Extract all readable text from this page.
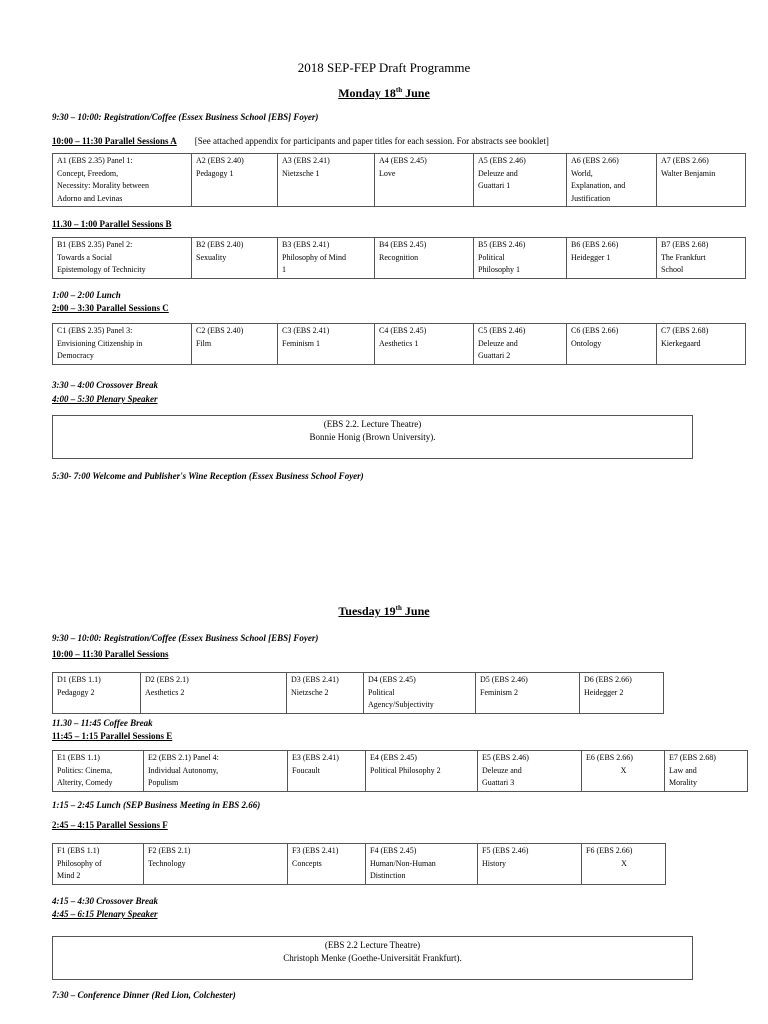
2018 SEP-FEP Draft Programme
Monday 18th June
9:30 – 10:00: Registration/Coffee (Essex Business School [EBS] Foyer)
10:00 – 11:30 Parallel Sessions A [See attached appendix for participants and paper titles for each session. For abstracts see booklet]
A1 (EBS 2.35) Panel 1:
Concept, Freedom,
Necessity: Morality between
Adorno and Levinas

A2 (EBS 2.40)
Pedagogy 1

A3 (EBS 2.41)
Nietzsche 1

A4 (EBS 2.45)
Love

A5 (EBS 2.46)
Deleuze and
Guattari 1

A6 (EBS 2.66)
World,
Explanation, and
Justification

A7 (EBS 2.66)
Walter Benjamin
11.30 – 1:00 Parallel Sessions B
B1 (EBS 2.35) Panel 2:
Towards a Social
Epistemology of Technicity

B2 (EBS 2.40)
Sexuality

B3 (EBS 2.41)
Philosophy of Mind
1

B4 (EBS 2.45)
Recognition

B5 (EBS 2.46)
Political
Philosophy 1

B6 (EBS 2.66)
Heidegger 1

B7 (EBS 2.68)
The Frankfurt
School
1:00 – 2:00 Lunch
2:00 – 3:30 Parallel Sessions C
C1 (EBS 2.35) Panel 3:
Envisioning Citizenship in
Democracy

C2 (EBS 2.40)
Film

C3 (EBS 2.41)
Feminism 1

C4 (EBS 2.45)
Aesthetics 1

C5 (EBS 2.46)
Deleuze and
Guattari 2

C6 (EBS 2.66)
Ontology

C7 (EBS 2.68)
Kierkegaard
3:30 – 4:00 Crossover Break
4:00 – 5:30 Plenary Speaker
(EBS 2.2. Lecture Theatre)
Bonnie Honig (Brown University).
5:30- 7:00 Welcome and Publisher's Wine Reception (Essex Business School Foyer)
Tuesday 19th June
9:30 – 10:00: Registration/Coffee (Essex Business School [EBS] Foyer)
10:00 – 11:30 Parallel Sessions
D1 (EBS 1.1)
Pedagogy 2

D2 (EBS 2.1)
Aesthetics 2

D3 (EBS 2.41)
Nietzsche 2

D4 (EBS 2.45)
Political
Agency/Subjectivity

D5 (EBS 2.46)
Feminism 2

D6 (EBS 2.66)
Heidegger 2
11.30 – 11:45 Coffee Break
11:45 – 1:15 Parallel Sessions E
E1 (EBS 1.1)
Politics: Cinema,
Alterity, Comedy

E2 (EBS 2.1) Panel 4:
Individual Autonomy,
Populism

E3 (EBS 2.41)
Foucault

E4 (EBS 2.45)
Political Philosophy 2

E5 (EBS 2.46)
Deleuze and
Guattari 3

E6 (EBS 2.66)
X

E7 (EBS 2.68)
Law and
Morality
1:15 – 2:45 Lunch (SEP Business Meeting in EBS 2.66)
2:45 – 4:15 Parallel Sessions F
F1 (EBS 1.1)
Philosophy of
Mind 2

F2 (EBS 2.1)
Technology

F3 (EBS 2.41)
Concepts

F4 (EBS 2.45)
Human/Non-Human
Distinction

F5 (EBS 2.46)
History

F6 (EBS 2.66)
X
4:15 – 4:30 Crossover Break
4:45 – 6:15 Plenary Speaker
(EBS 2.2 Lecture Theatre)
Christoph Menke (Goethe-Universität Frankfurt).
7:30 – Conference Dinner (Red Lion, Colchester)
